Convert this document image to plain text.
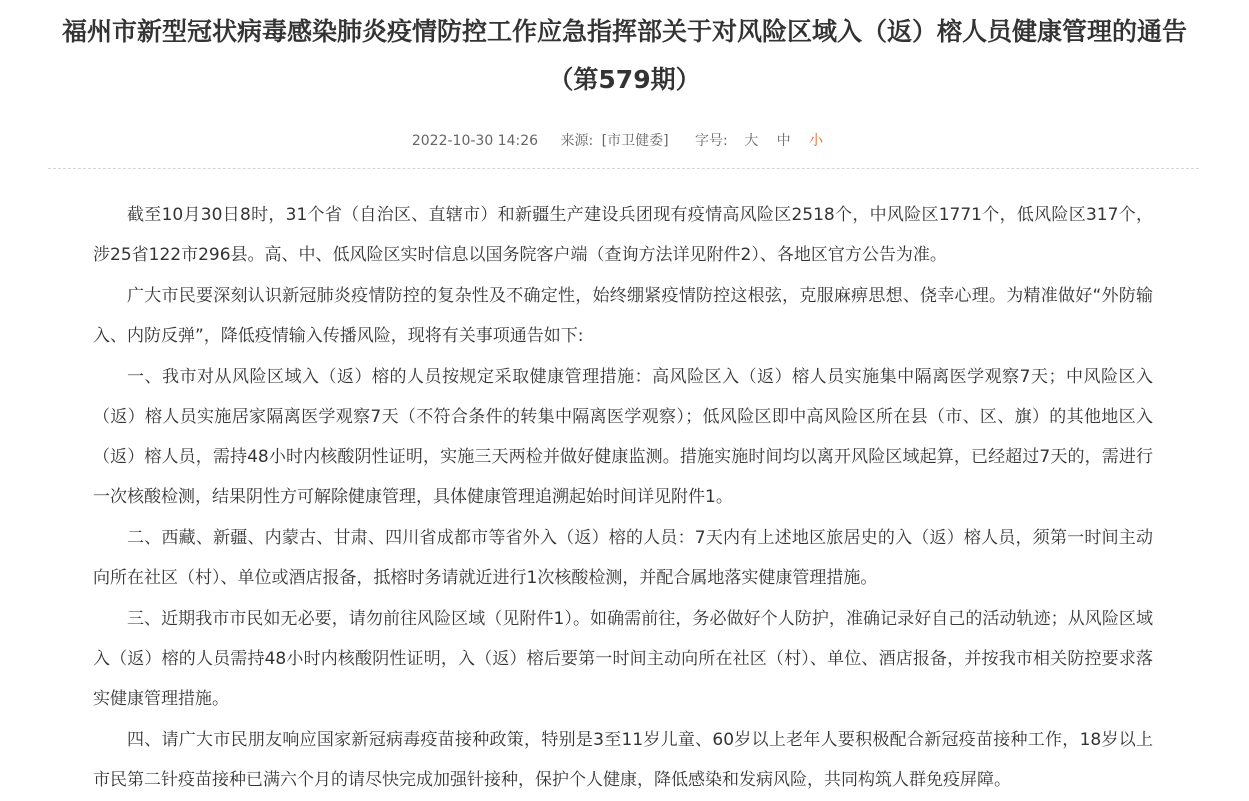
福州市新型冠状病毒感染肺炎疫情防控工作应急指挥部关于对风险区域入（返）榕人员健康管理的通告（第579期）
2022-10-30 14:26 来源: [市卫健委] 字号: 大 中 小

截至10月30日8时，31个省（自治区、直辖市）和新疆生产建设兵团现有疫情高风险区2518个，中风险区1771个，低风险区317个，涉25省122市296县。高、中、低风险区实时信息以国务院客户端（查询方法详见附件2）、各地区官方公告为准。

广大市民要深刻认识新冠肺炎疫情防控的复杂性及不确定性，始终绷紧疫情防控这根弦，克服麻痹思想、侥幸心理。为精准做好“外防输入、内防反弹”，降低疫情输入传播风险，现将有关事项通告如下:

一、我市对从风险区域入（返）榕的人员按规定采取健康管理措施：高风险区入（返）榕人员实施集中隔离医学观察7天；中风险区入（返）榕人员实施居家隔离医学观察7天（不符合条件的转集中隔离医学观察）；低风险区即中高风险区所在县（市、区、旗）的其他地区入（返）榕人员，需持48小时内核酸阴性证明，实施三天两检并做好健康监测。措施实施时间均以离开风险区域起算，已经超过7天的，需进行一次核酸检测，结果阴性方可解除健康管理，具体健康管理追溯起始时间详见附件1。

二、西藏、新疆、内蒙古、甘肃、四川省成都市等省外入（返）榕的人员：7天内有上述地区旅居史的入（返）榕人员，须第一时间主动向所在社区（村）、单位或酒店报备，抵榕时务请就近进行1次核酸检测，并配合属地落实健康管理措施。

三、近期我市市民如无必要，请勿前往风险区域（见附件1）。如确需前往，务必做好个人防护，准确记录好自己的活动轨迹；从风险区域入（返）榕的人员需持48小时内核酸阴性证明，入（返）榕后要第一时间主动向所在社区（村）、单位、酒店报备，并按我市相关防控要求落实健康管理措施。

四、请广大市民朋友响应国家新冠病毒疫苗接种政策，特别是3至11岁儿童、60岁以上老年人要积极配合新冠疫苗接种工作，18岁以上市民第二针疫苗接种已满六个月的请尽快完成加强针接种，保护个人健康，降低感染和发病风险，共同构筑人群免疫屏障。
